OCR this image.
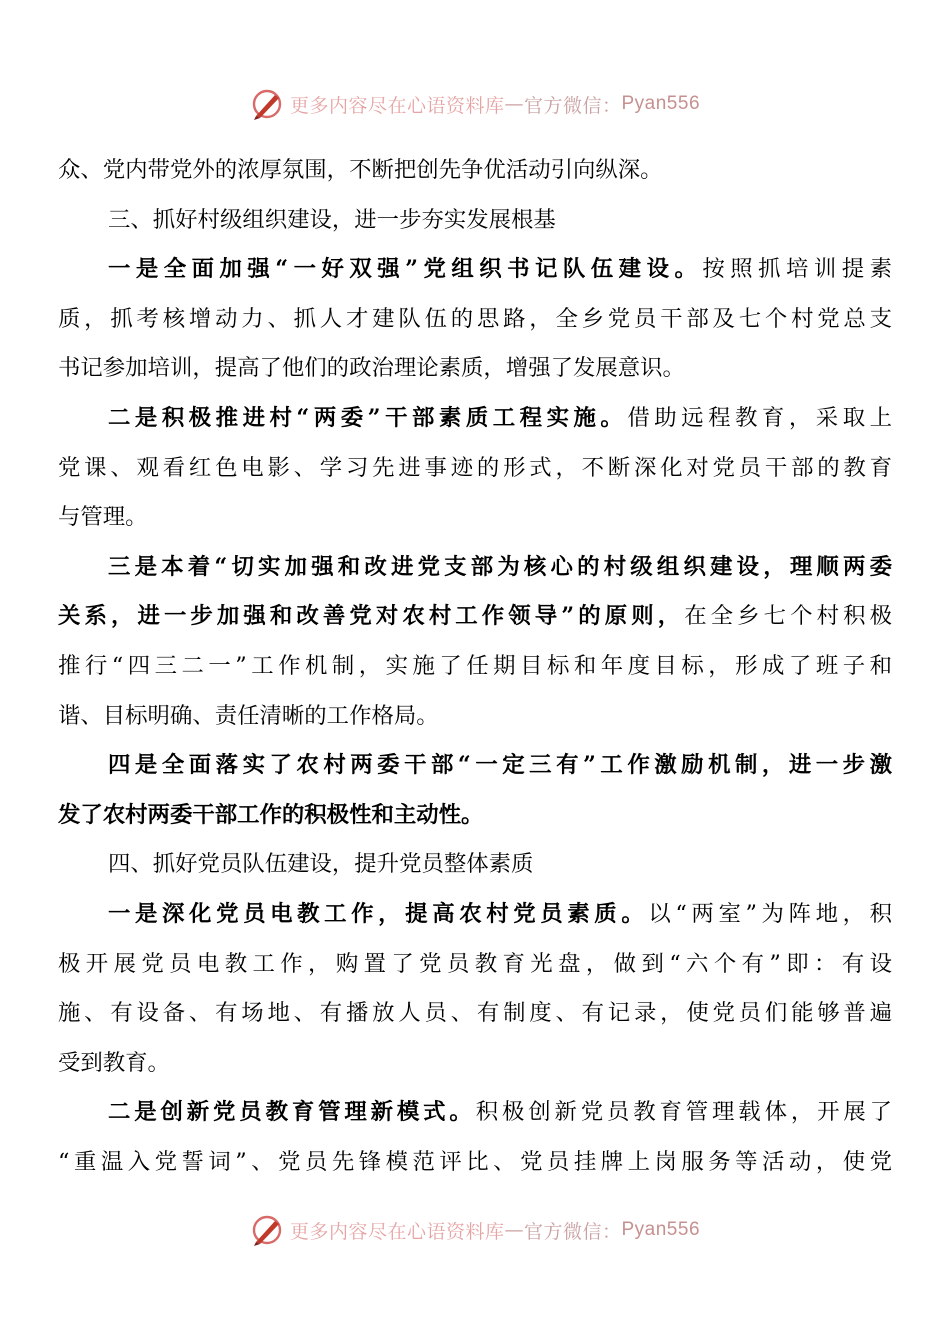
更多内容尽在心语资料库 — 官方微信： Pyan556
众、党内带党外的浓厚氛围，不断把创先争优活动引向纵深。
三、抓好村级组织建设，进一步夯实发展根基
一是全面加强“一好双强”党组织书记队伍建设。按照抓培训提素
质，抓考核增动力、抓人才建队伍的思路，全乡党员干部及七个村党总支
书记参加培训，提高了他们的政治理论素质，增强了发展意识。
二是积极推进村“两委”干部素质工程实施。借助远程教育，采取上
党课、观看红色电影、学习先进事迹的形式，不断深化对党员干部的教育
与管理。
三是本着“切实加强和改进党支部为核心的村级组织建设，理顺两委
关系，进一步加强和改善党对农村工作领导”的原则，在全乡七个村积极
推行“四三二一”工作机制，实施了任期目标和年度目标，形成了班子和
谐、目标明确、责任清晰的工作格局。
四是全面落实了农村两委干部“一定三有”工作激励机制，进一步激
发了农村两委干部工作的积极性和主动性。
四、抓好党员队伍建设，提升党员整体素质
一是深化党员电教工作，提高农村党员素质。以“两室”为阵地，积
极开展党员电教工作，购置了党员教育光盘，做到“六个有”即：有设
施、有设备、有场地、有播放人员、有制度、有记录，使党员们能够普遍
受到教育。
二是创新党员教育管理新模式。积极创新党员教育管理载体，开展了
“重温入党誓词”、党员先锋模范评比、党员挂牌上岗服务等活动，使党
更多内容尽在心语资料库 — 官方微信： Pyan556
